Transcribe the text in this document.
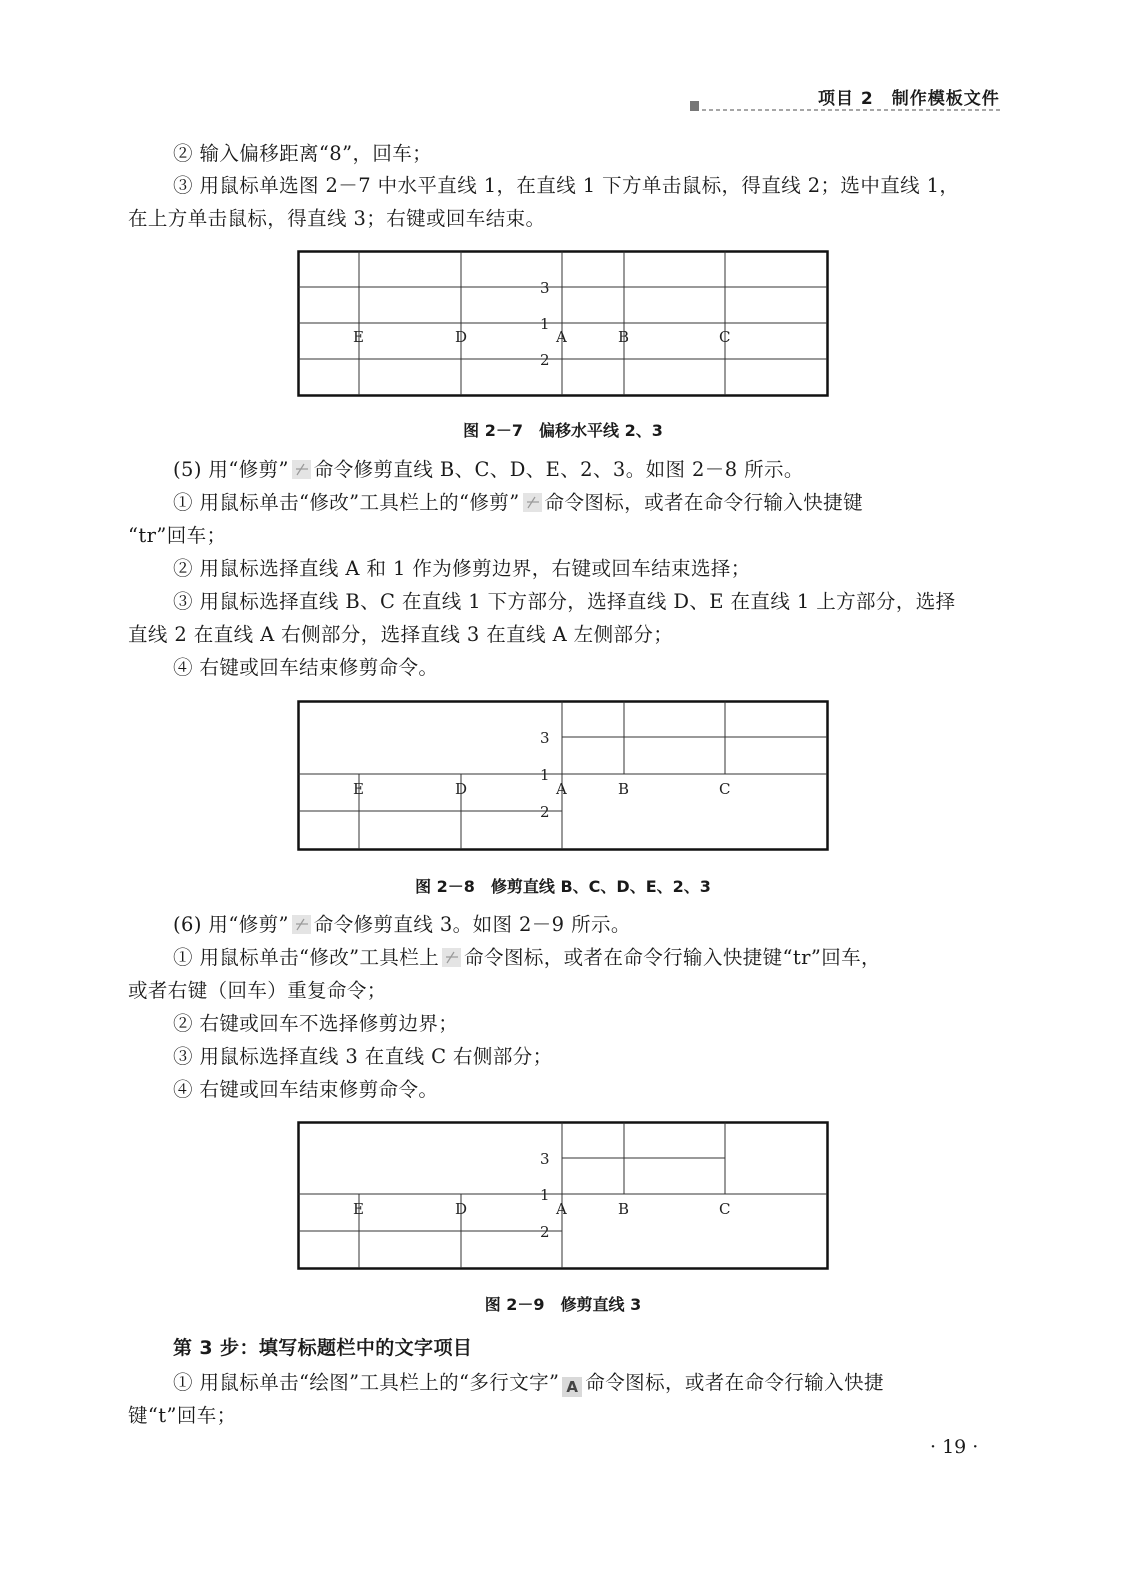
项目 2　制作模板文件
② 输入偏移距离“8”，回车；
③ 用鼠标单选图 2－7 中水平直线 1，在直线 1 下方单击鼠标，得直线 2；选中直线 1，
在上方单击鼠标，得直线 3；右键或回车结束。
3
1
2
E	D	A	B	C
图 2－7　偏移水平线 2、3
(5) 用“修剪” 命令修剪直线 B、C、D、E、2、3。如图 2－8 所示。
① 用鼠标单击“修改”工具栏上的“修剪” 命令图标，或者在命令行输入快捷键
“tr”回车；
② 用鼠标选择直线 A 和 1 作为修剪边界，右键或回车结束选择；
③ 用鼠标选择直线 B、C 在直线 1 下方部分，选择直线 D、E 在直线 1 上方部分，选择
直线 2 在直线 A 右侧部分，选择直线 3 在直线 A 左侧部分；
④ 右键或回车结束修剪命令。
3
1
2
E	D	A	B	C
图 2－8　修剪直线 B、C、D、E、2、3
(6) 用“修剪” 命令修剪直线 3。如图 2－9 所示。
① 用鼠标单击“修改”工具栏上 命令图标，或者在命令行输入快捷键“tr”回车，
或者右键（回车）重复命令；
② 右键或回车不选择修剪边界；
③ 用鼠标选择直线 3 在直线 C 右侧部分；
④ 右键或回车结束修剪命令。
3
1
2
E	D	A	B	C
图 2－9　修剪直线 3
第 3 步：填写标题栏中的文字项目
① 用鼠标单击“绘图”工具栏上的“多行文字” A 命令图标，或者在命令行输入快捷
键“t”回车；
· 19 ·
